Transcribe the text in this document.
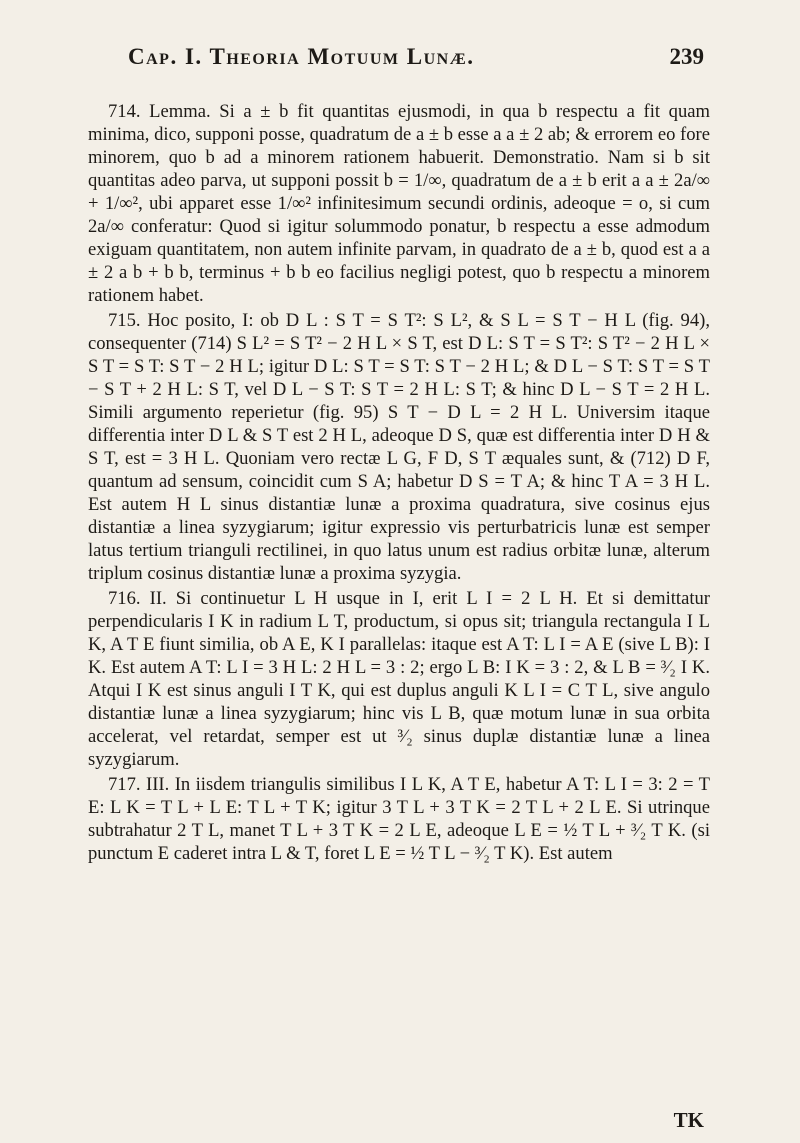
Cap. I. Theoria Motuum Lunæ.	239

714. Lemma. Si a ± b fit quantitas ejusmodi, in qua b respectu a fit quam minima, dico, supponi posse, quadratum de a ± b esse a a ± 2 ab; & errorem eo fore minorem, quo b ad a minorem rationem habuerit. Demonstratio. Nam si b sit quantitas adeo parva, ut supponi possit b = 1/∞, quadratum de a ± b erit a a ± 2a/∞ + 1/∞², ubi apparet esse 1/∞² infinitesimum secundi ordinis, adeoque = o, si cum 2a/∞ conferatur: Quod si igitur solummodo ponatur, b respectu a esse admodum exiguam quantitatem, non autem infinite parvam, in quadrato de a ± b, quod est a a ± 2 a b + b b, terminus + b b eo facilius negligi potest, quo b respectu a minorem rationem habet.

715. Hoc posito, I: ob D L : S T = S T²: S L², & S L = S T − H L (fig. 94), consequenter (714) S L² = S T² − 2 H L × S T, est D L: S T = S T²: S T² − 2 H L × S T = S T: S T − 2 H L; igitur D L: S T = S T: S T − 2 H L; & D L − S T: S T = S T − S T + 2 H L: S T, vel D L − S T: S T = 2 H L: S T; & hinc D L − S T = 2 H L. Simili argumento reperietur (fig. 95) S T − D L = 2 H L. Universim itaque differentia inter D L & S T est 2 H L, adeoque D S, quæ est differentia inter D H & S T, est = 3 H L. Quoniam vero rectæ L G, F D, S T æquales sunt, & (712) D F, quantum ad sensum, coincidit cum S A; habetur D S = T A; & hinc T A = 3 H L. Est autem H L sinus distantiæ lunæ a proxima quadratura, sive cosinus ejus distantiæ a linea syzygiarum; igitur expressio vis perturbatricis lunæ est semper latus tertium trianguli rectilinei, in quo latus unum est radius orbitæ lunæ, alterum triplum cosinus distantiæ lunæ a proxima syzygia.

716. II. Si continuetur L H usque in I, erit L I = 2 L H. Et si demittatur perpendicularis I K in radium L T, productum, si opus sit; triangula rectangula I L K, A T E fiunt similia, ob A E, K I parallelas: itaque est A T: L I = A E (sive L B): I K. Est autem A T: L I = 3 H L: 2 H L = 3 : 2; ergo L B: I K = 3 : 2, & L B = ³⁄₂ I K. Atqui I K est sinus anguli I T K, qui est duplus anguli K L I = C T L, sive angulo distantiæ lunæ a linea syzygiarum; hinc vis L B, quæ motum lunæ in sua orbita accelerat, vel retardat, semper est ut ³⁄₂ sinus duplæ distantiæ lunæ a linea syzygiarum.

717. III. In iisdem triangulis similibus I L K, A T E, habetur A T: L I = 3: 2 = T E: L K = T L + L E: T L + T K; igitur 3 T L + 3 T K = 2 T L + 2 L E. Si utrinque subtrahatur 2 T L, manet T L + 3 T K = 2 L E, adeoque L E = ½ T L + ³⁄₂ T K. (si punctum E caderet intra L & T, foret L E = ½ T L − ³⁄₂ T K). Est autem

TK
